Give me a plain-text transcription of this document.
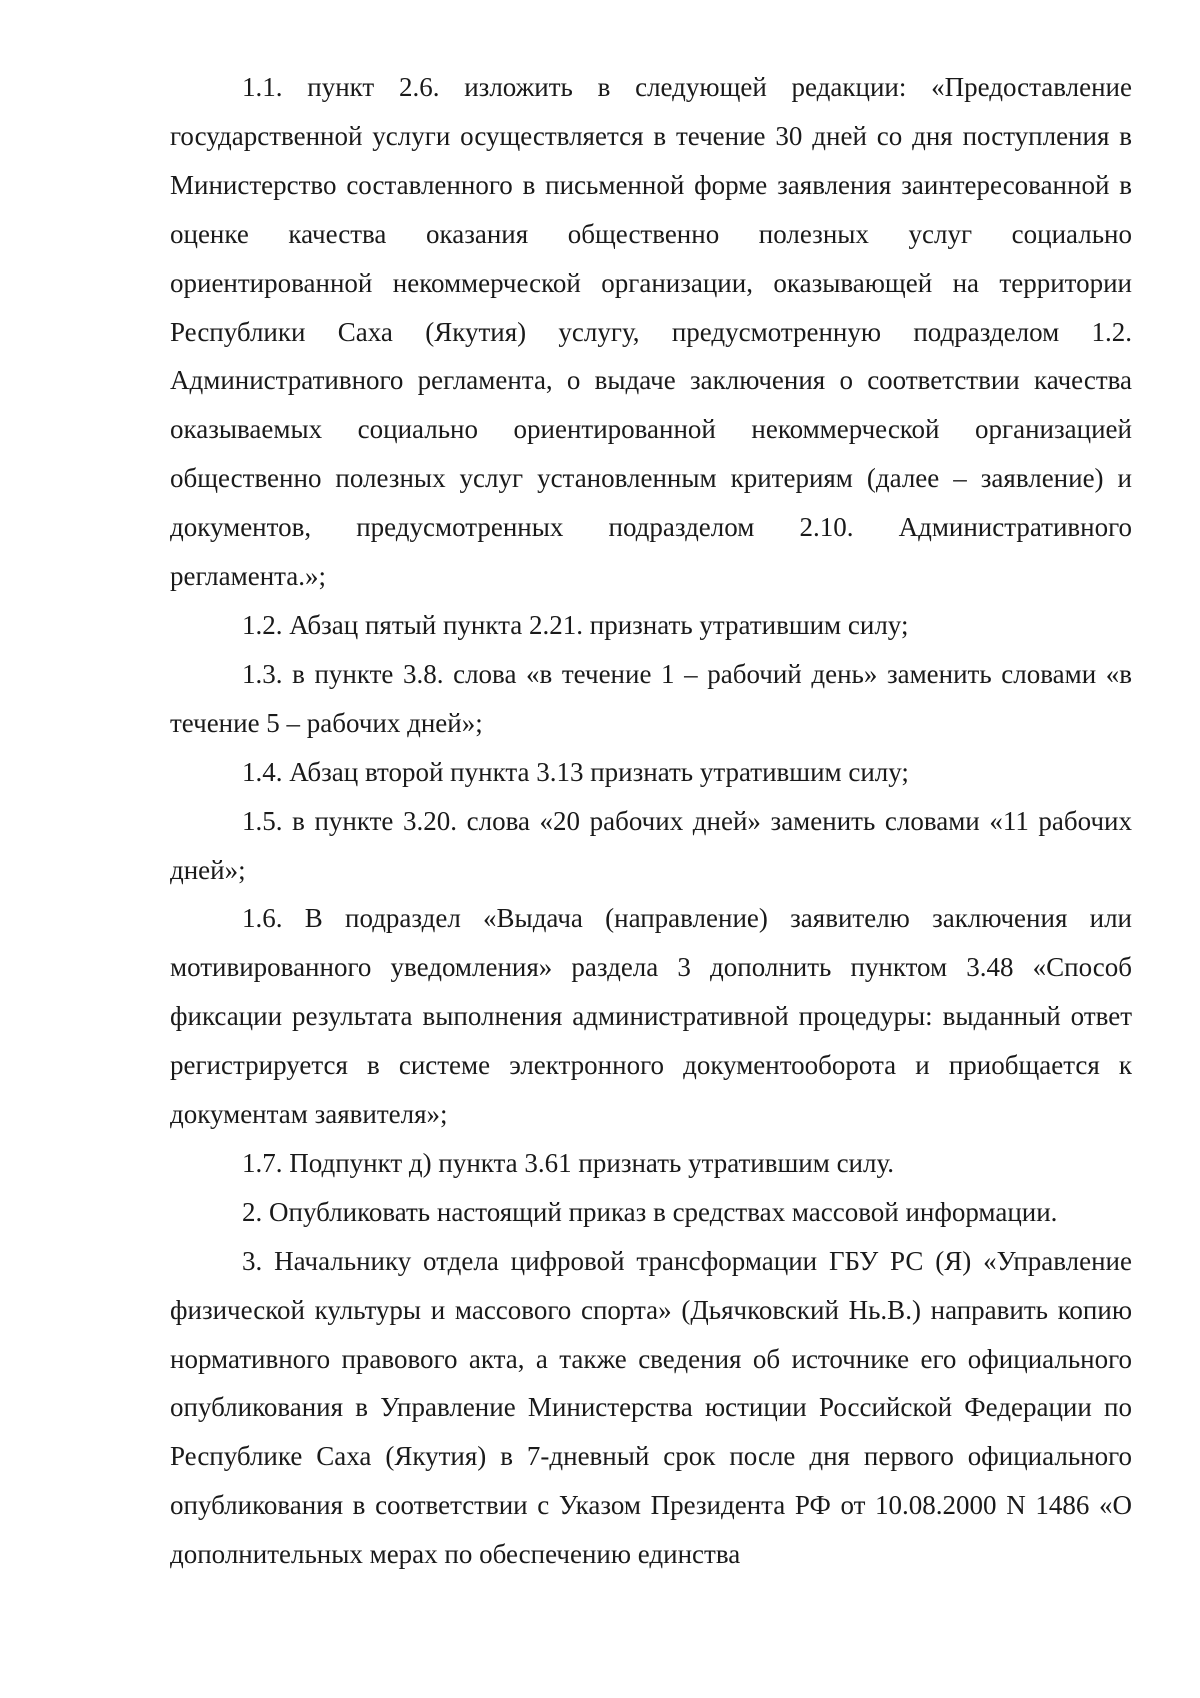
1.1. пункт 2.6. изложить в следующей редакции: «Предоставление государственной услуги осуществляется в течение 30 дней со дня поступления в Министерство составленного в письменной форме заявления заинтересованной в оценке качества оказания общественно полезных услуг социально ориентированной некоммерческой организации, оказывающей на территории Республики Саха (Якутия) услугу, предусмотренную подразделом 1.2. Административного регламента, о выдаче заключения о соответствии качества оказываемых социально ориентированной некоммерческой организацией общественно полезных услуг установленным критериям (далее – заявление) и документов, предусмотренных подразделом 2.10. Административного регламента.»;

1.2. Абзац пятый пункта 2.21. признать утратившим силу;

1.3. в пункте 3.8. слова «в течение 1 – рабочий день» заменить словами «в течение 5 – рабочих дней»;

1.4. Абзац второй пункта 3.13 признать утратившим силу;

1.5. в пункте 3.20. слова «20 рабочих дней» заменить словами «11 рабочих дней»;

1.6. В подраздел «Выдача (направление) заявителю заключения или мотивированного уведомления» раздела 3 дополнить пунктом 3.48 «Способ фиксации результата выполнения административной процедуры: выданный ответ регистрируется в системе электронного документооборота и приобщается к документам заявителя»;

1.7. Подпункт д) пункта 3.61 признать утратившим силу.

2. Опубликовать настоящий приказ в средствах массовой информации.

3. Начальнику отдела цифровой трансформации ГБУ РС (Я) «Управление физической культуры и массового спорта» (Дьячковский Нь.В.) направить копию нормативного правового акта, а также сведения об источнике его официального опубликования в Управление Министерства юстиции Российской Федерации по Республике Саха (Якутия) в 7-дневный срок после дня первого официального опубликования в соответствии с Указом Президента РФ от 10.08.2000 N 1486 «О дополнительных мерах по обеспечению единства
